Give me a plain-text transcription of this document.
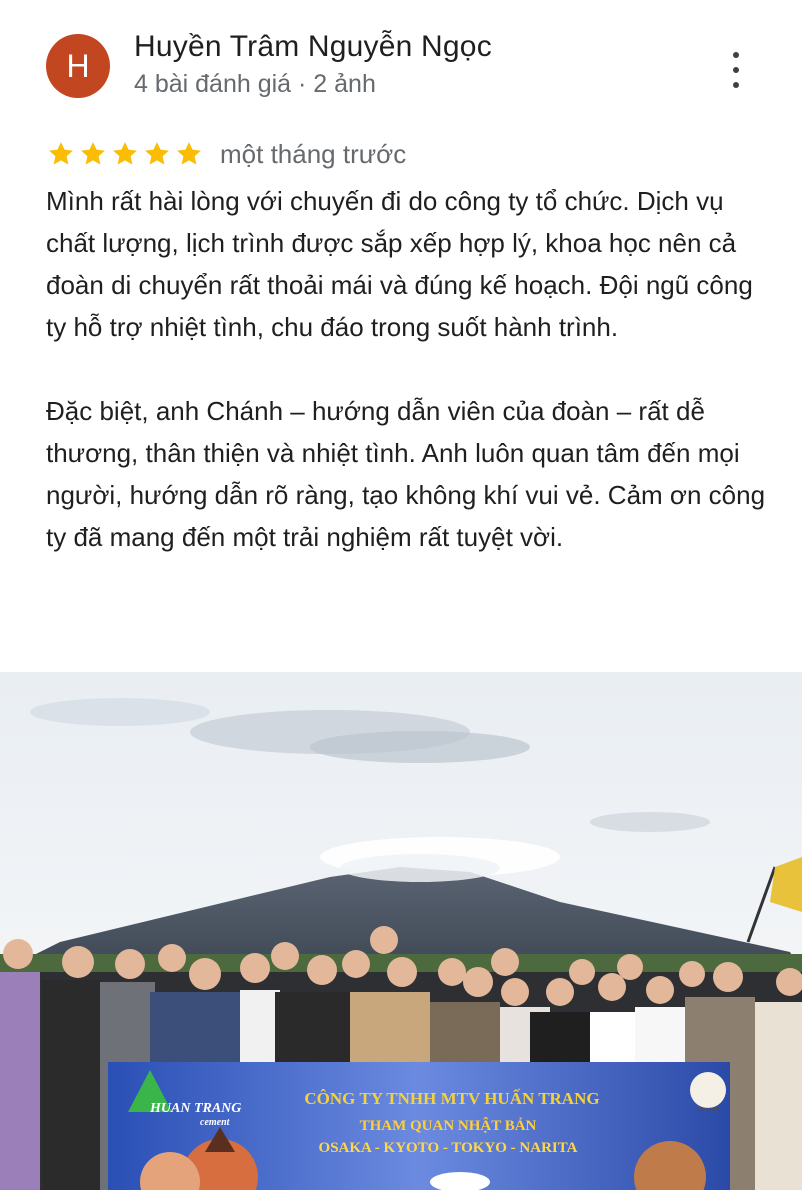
H
Huyền Trâm Nguyễn Ngọc
4 bài đánh giá · 2 ảnh
một tháng trước

Mình rất hài lòng với chuyến đi do công ty tổ chức. Dịch vụ chất lượng, lịch trình được sắp xếp hợp lý, khoa học nên cả đoàn di chuyển rất thoải mái và đúng kế hoạch. Đội ngũ công ty hỗ trợ nhiệt tình, chu đáo trong suốt hành trình.

Đặc biệt, anh Chánh – hướng dẫn viên của đoàn – rất dễ thương, thân thiện và nhiệt tình. Anh luôn quan tâm đến mọi người, hướng dẫn rõ ràng, tạo không khí vui vẻ. Cảm ơn công ty đã mang đến một trải nghiệm rất tuyệt vời.

HUAN TRANG
cement
CÔNG TY TNHH MTV HUẤN TRANG
THAM QUAN NHẬT BẢN
OSAKA - KYOTO - TOKYO - NARITA
AN HUY
